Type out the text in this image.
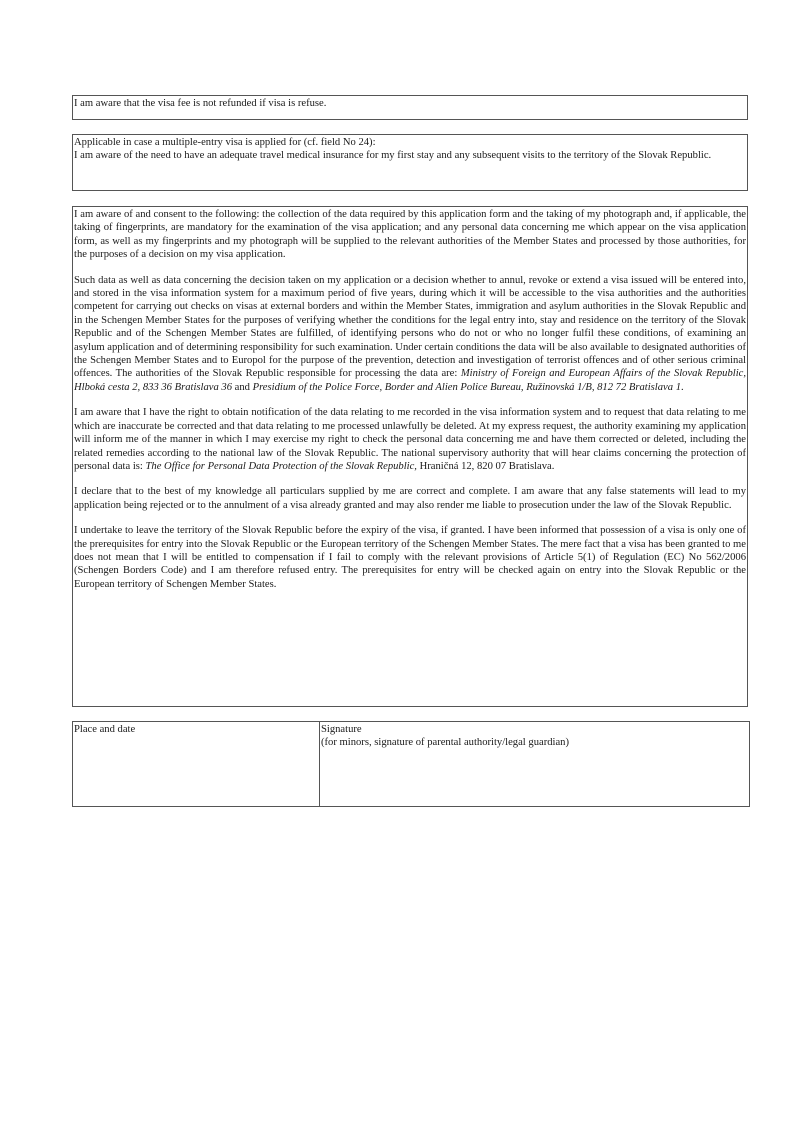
I am aware that the visa fee is not refunded if visa is refuse.
Applicable in case a multiple-entry visa is applied for (cf. field No 24):
I am aware of the need to have an adequate travel medical insurance for my first stay and any subsequent visits to the territory of the Slovak Republic.

I am aware of and consent to the following: the collection of the data required by this application form and the taking of my photograph and, if applicable, the taking of fingerprints, are mandatory for the examination of the visa application; and any personal data concerning me which appear on the visa application form, as well as my fingerprints and my photograph will be supplied to the relevant authorities of the Member States and processed by those authorities, for the purposes of a decision on my visa application.

Such data as well as data concerning the decision taken on my application or a decision whether to annul, revoke or extend a visa issued will be entered into, and stored in the visa information system for a maximum period of five years, during which it will be accessible to the visa authorities and the authorities competent for carrying out checks on visas at external borders and within the Member States, immigration and asylum authorities in the Slovak Republic and in the Schengen Member States for the purposes of verifying whether the conditions for the legal entry into, stay and residence on the territory of the Slovak Republic and of the Schengen Member States are fulfilled, of identifying persons who do not or who no longer fulfil these conditions, of examining an asylum application and of determining responsibility for such examination. Under certain conditions the data will be also available to designated authorities of the Schengen Member States and to Europol for the purpose of the prevention, detection and investigation of terrorist offences and of other serious criminal offences. The authorities of the Slovak Republic responsible for processing the data are: Ministry of Foreign and European Affairs of the Slovak Republic, Hlboká cesta 2, 833 36 Bratislava 36 and Presidium of the Police Force, Border and Alien Police Bureau, Ružinovská 1/B, 812 72 Bratislava 1.

I am aware that I have the right to obtain notification of the data relating to me recorded in the visa information system and to request that data relating to me which are inaccurate be corrected and that data relating to me processed unlawfully be deleted. At my express request, the authority examining my application will inform me of the manner in which I may exercise my right to check the personal data concerning me and have them corrected or deleted, including the related remedies according to the national law of the Slovak Republic. The national supervisory authority that will hear claims concerning the protection of personal data is: The Office for Personal Data Protection of the Slovak Republic, Hraničná 12, 820 07 Bratislava.

I declare that to the best of my knowledge all particulars supplied by me are correct and complete. I am aware that any false statements will lead to my application being rejected or to the annulment of a visa already granted and may also render me liable to prosecution under the law of the Slovak Republic.

I undertake to leave the territory of the Slovak Republic before the expiry of the visa, if granted. I have been informed that possession of a visa is only one of the prerequisites for entry into the Slovak Republic or the European territory of the Schengen Member States. The mere fact that a visa has been granted to me does not mean that I will be entitled to compensation if I fail to comply with the relevant provisions of Article 5(1) of Regulation (EC) No 562/2006 (Schengen Borders Code) and I am therefore refused entry. The prerequisites for entry will be checked again on entry into the Slovak Republic or the European territory of Schengen Member States.

Place and date	Signature
(for minors, signature of parental authority/legal guardian)
